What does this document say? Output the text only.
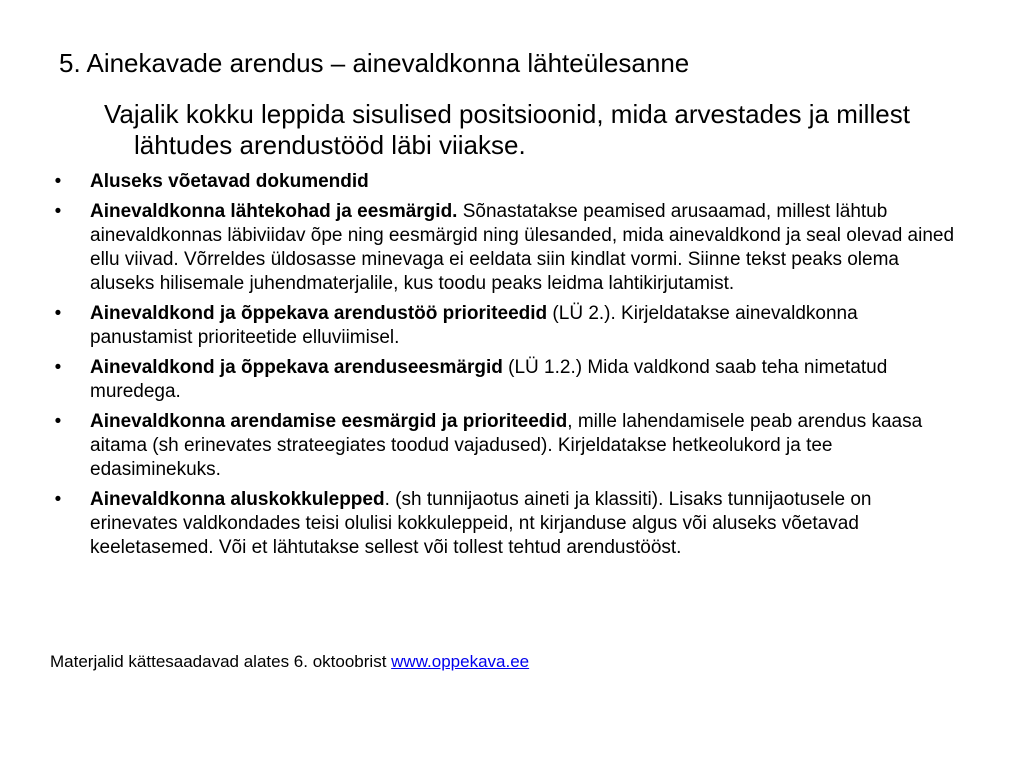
5. Ainekavade arendus – ainevaldkonna lähteülesanne
Vajalik kokku leppida sisulised positsioonid, mida arvestades ja millest lähtudes arendustööd läbi viiakse.
•	Aluseks võetavad dokumendid
•	Ainevaldkonna lähtekohad ja eesmärgid. Sõnastatakse peamised arusaamad, millest lähtub ainevaldkonnas läbiviidav õpe ning eesmärgid ning ülesanded, mida ainevaldkond ja seal olevad ained ellu viivad. Võrreldes üldosasse minevaga ei eeldata siin kindlat vormi. Siinne tekst peaks olema aluseks hilisemale juhendmaterjalile, kus toodu peaks leidma lahtikirjutamist.
•	Ainevaldkond ja õppekava arendustöö prioriteedid (LÜ 2.). Kirjeldatakse ainevaldkonna panustamist prioriteetide elluviimisel.
•	Ainevaldkond ja õppekava arenduseesmärgid (LÜ 1.2.) Mida valdkond saab teha nimetatud muredega.
•	Ainevaldkonna arendamise eesmärgid ja prioriteedid, mille lahendamisele peab arendus kaasa aitama (sh erinevates strateegiates toodud vajadused). Kirjeldatakse hetkeolukord ja tee edasiminekuks.
•	Ainevaldkonna aluskokkulepped. (sh tunnijaotus aineti ja klassiti). Lisaks tunnijaotusele on erinevates valdkondades teisi olulisi kokkuleppeid, nt kirjanduse algus või aluseks võetavad keeletasemed. Või et lähtutakse sellest või tollest tehtud arendustööst.
Materjalid kättesaadavad alates 6. oktoobrist www.oppekava.ee
